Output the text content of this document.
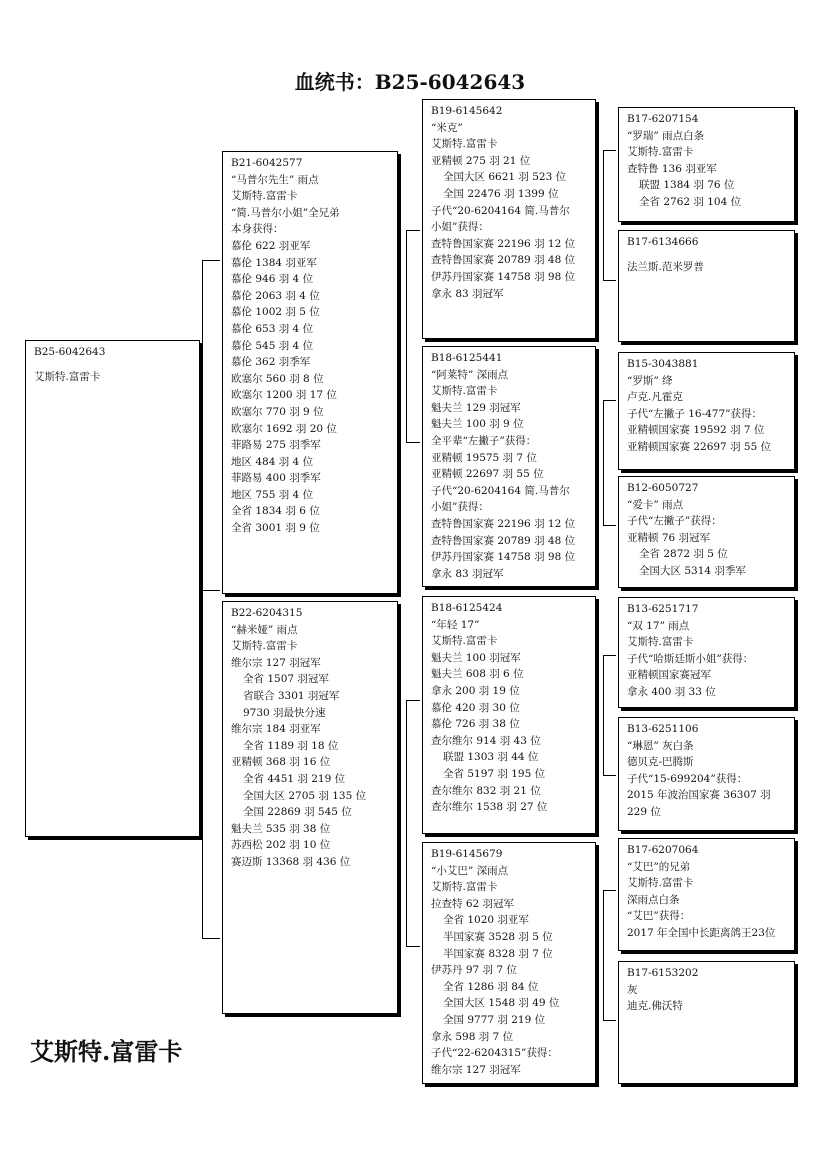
血统书：B25-6042643
B25-6042643
艾斯特.富雷卡
B21-6042577
“马普尔先生” 雨点
艾斯特.富雷卡
“简.马普尔小姐”全兄弟
本身获得：
慕伦 622 羽亚军
慕伦 1384 羽亚军
慕伦 946 羽 4 位
慕伦 2063 羽 4 位
慕伦 1002 羽 5 位
慕伦 653 羽 4 位
慕伦 545 羽 4 位
慕伦 362 羽季军
欧塞尔 560 羽 8 位
欧塞尔 1200 羽 17 位
欧塞尔 770 羽 9 位
欧塞尔 1692 羽 20 位
菲路易 275 羽季军
地区 484 羽 4 位
菲路易 400 羽季军
地区 755 羽 4 位
全省 1834 羽 6 位
全省 3001 羽 9 位
B22-6204315
“赫米娅” 雨点
艾斯特.富雷卡
维尔宗 127 羽冠军
全省 1507 羽冠军
省联合 3301 羽冠军
9730 羽最快分速
维尔宗 184 羽亚军
全省 1189 羽 18 位
亚精顿 368 羽 16 位
全省 4451 羽 219 位
全国大区 2705 羽 135 位
全国 22869 羽 545 位
魁夫兰 535 羽 38 位
苏西松 202 羽 10 位
赛迈斯 13368 羽 436 位
B19-6145642
“米克”
艾斯特.富雷卡
亚精顿 275 羽 21 位
全国大区 6621 羽 523 位
全国 22476 羽 1399 位
子代“20-6204164 简.马普尔
小姐”获得：
查特鲁国家赛 22196 羽 12 位
查特鲁国家赛 20789 羽 48 位
伊苏丹国家赛 14758 羽 98 位
拿永 83 羽冠军
B18-6125441
“阿莱特” 深雨点
艾斯特.富雷卡
魁夫兰 129 羽冠军
魁夫兰 100 羽 9 位
全平辈“左撇子”获得：
亚精顿 19575 羽 7 位
亚精顿 22697 羽 55 位
子代“20-6204164 简.马普尔
小姐”获得：
查特鲁国家赛 22196 羽 12 位
查特鲁国家赛 20789 羽 48 位
伊苏丹国家赛 14758 羽 98 位
拿永 83 羽冠军
B18-6125424
“年轻 17”
艾斯特.富雷卡
魁夫兰 100 羽冠军
魁夫兰 608 羽 6 位
拿永 200 羽 19 位
慕伦 420 羽 30 位
慕伦 726 羽 38 位
查尔维尔 914 羽 43 位
联盟 1303 羽 44 位
全省 5197 羽 195 位
查尔维尔 832 羽 21 位
查尔维尔 1538 羽 27 位
B19-6145679
“小艾巴” 深雨点
艾斯特.富雷卡
拉查特 62 羽冠军
全省 1020 羽亚军
半国家赛 3528 羽 5 位
半国家赛 8328 羽 7 位
伊苏丹 97 羽 7 位
全省 1286 羽 84 位
全国大区 1548 羽 49 位
全国 9777 羽 219 位
拿永 598 羽 7 位
子代“22-6204315”获得：
维尔宗 127 羽冠军
B17-6207154
“罗瑞” 雨点白条
艾斯特.富雷卡
查特鲁 136 羽亚军
联盟 1384 羽 76 位
全省 2762 羽 104 位
B17-6134666
法兰斯.范米罗普
B15-3043881
“罗斯” 绛
卢克.凡霍克
子代“左撇子 16-477”获得：
亚精顿国家赛 19592 羽 7 位
亚精顿国家赛 22697 羽 55 位
B12-6050727
“爱卡” 雨点
子代“左撇子”获得：
亚精顿 76 羽冠军
全省 2872 羽 5 位
全国大区 5314 羽季军
B13-6251717
“双 17” 雨点
艾斯特.富雷卡
子代“哈斯廷斯小姐”获得：
亚精顿国家赛冠军
拿永 400 羽 33 位
B13-6251106
“琳恩” 灰白条
德贝克-巴腾斯
子代“15-699204”获得：
2015 年波治国家赛 36307 羽
229 位
B17-6207064
“艾巴”的兄弟
艾斯特.富雷卡
深雨点白条
“艾巴”获得：
2017 年全国中长距离鸽王23位
B17-6153202
灰
迪克.佛沃特
艾斯特.富雷卡
